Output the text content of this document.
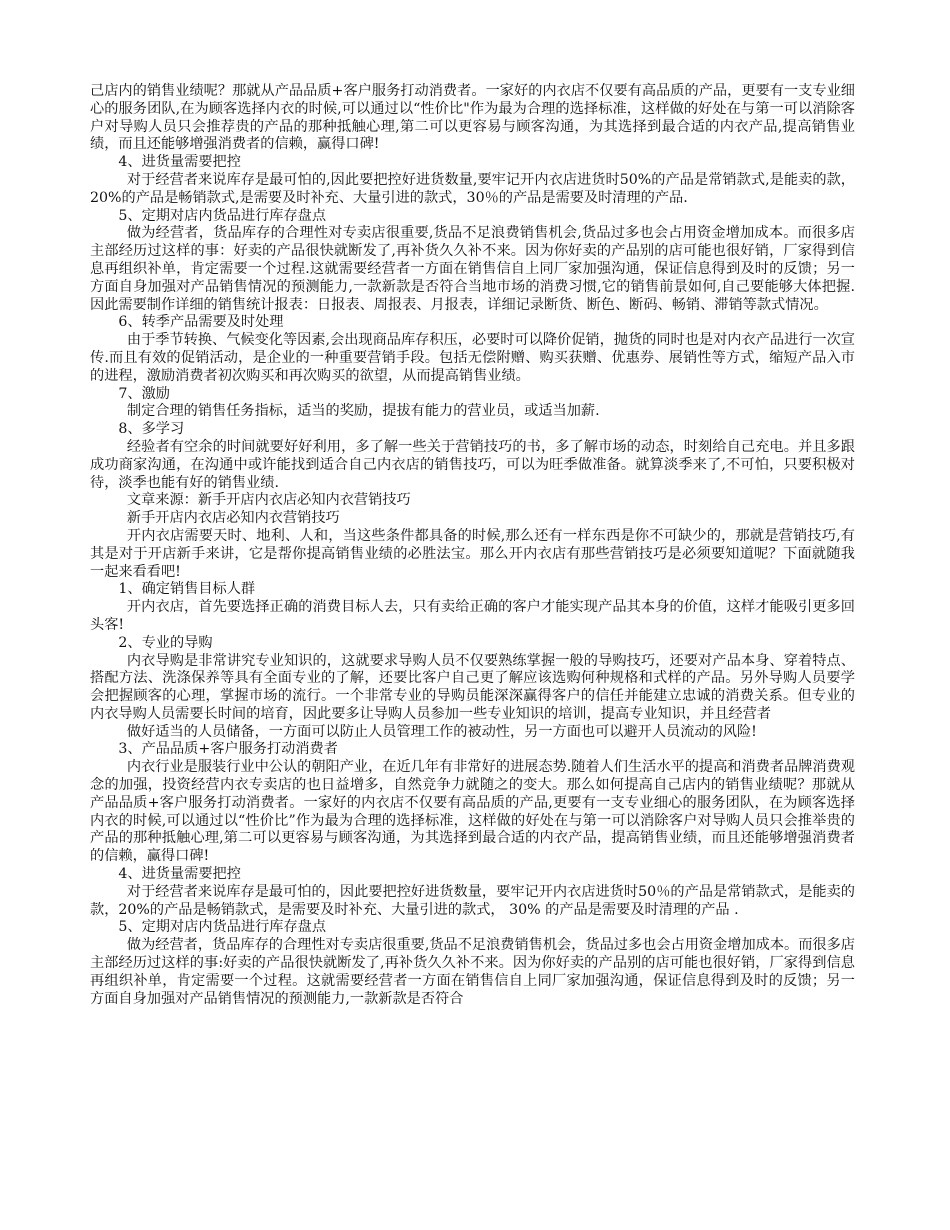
己店内的销售业绩呢？那就从产品品质+客户服务打动消费者。一家好的内衣店不仅要有高品质的产品，更要有一支专业细心的服务团队,在为顾客选择内衣的时候,可以通过以“性价比"作为最为合理的选择标准，这样做的好处在与第一可以消除客户对导购人员只会推荐贵的产品的那种抵触心理,第二可以更容易与顾客沟通，为其选择到最合适的内衣产品,提高销售业绩，而且还能够增强消费者的信赖，赢得口碑!
4、进货量需要把控
对于经营者来说库存是最可怕的,因此要把控好进货数量,要牢记开内衣店进货时50%的产品是常销款式,是能卖的款，20%的产品是畅销款式,是需要及时补充、大量引进的款式，30％的产品是需要及时清理的产品.
5、定期对店内货品进行库存盘点
做为经营者，货品库存的合理性对专卖店很重要,货品不足浪费销售机会,货品过多也会占用资金增加成本。而很多店主部经历过这样的事：好卖的产品很快就断发了,再补货久久补不来。因为你好卖的产品别的店可能也很好销，厂家得到信息再组织补单，肯定需要一个过程.这就需要经营者一方面在销售信自上同厂家加强沟通，保证信息得到及时的反馈；另一方面自身加强对产品销售情况的预测能力,一款新款是否符合当地市场的消费习惯,它的销售前景如何,自己要能够大体把握.因此需要制作详细的销售统计报表：日报表、周报表、月报表，详细记录断货、断色、断码、畅销、滞销等款式情况。
6、转季产品需要及时处理
由于季节转换、气候变化等因素,会出现商品库存积压，必要时可以降价促销，抛货的同时也是对内衣产品进行一次宣传.而且有效的促销活动，是企业的一种重要营销手段。包括无偿附赠、购买获赠、优惠券、展销性等方式，缩短产品入市的进程，激励消费者初次购买和再次购买的欲望，从而提高销售业绩。
7、激励
制定合理的销售任务指标，适当的奖励，提拔有能力的营业员，或适当加薪.
8、多学习
经验者有空余的时间就要好好利用，多了解一些关于营销技巧的书，多了解市场的动态，时刻给自己充电。并且多跟成功商家沟通，在沟通中或许能找到适合自己内衣店的销售技巧，可以为旺季做准备。就算淡季来了,不可怕，只要积极对待，淡季也能有好的销售业绩.
文章来源：新手开店内衣店必知内衣营销技巧
新手开店内衣店必知内衣营销技巧
开内衣店需要天时、地利、人和，当这些条件都具备的时候,那么还有一样东西是你不可缺少的，那就是营销技巧,有其是对于开店新手来讲，它是帮你提高销售业绩的必胜法宝。那么开内衣店有那些营销技巧是必须要知道呢？下面就随我一起来看看吧!
1、确定销售目标人群
开内衣店，首先要选择正确的消费目标人去，只有卖给正确的客户才能实现产品其本身的价值，这样才能吸引更多回头客!
2、专业的导购
内衣导购是非常讲究专业知识的，这就要求导购人员不仅要熟练掌握一般的导购技巧，还要对产品本身、穿着特点、搭配方法、洗涤保养等具有全面专业的了解，还要比客户自己更了解应该选购何种规格和式样的产品。另外导购人员要学会把握顾客的心理，掌握市场的流行。一个非常专业的导购员能深深赢得客户的信任并能建立忠诚的消费关系。但专业的内衣导购人员需要长时间的培育，因此要多让导购人员参加一些专业知识的培训，提高专业知识，并且经营者
做好适当的人员储备，一方面可以防止人员管理工作的被动性，另一方面也可以避开人员流动的风险!
3、产品品质+客户服务打动消费者
内衣行业是服装行业中公认的朝阳产业，在近几年有非常好的进展态势.随着人们生活水平的提高和消费者品牌消费观念的加强，投资经营内衣专卖店的也日益增多，自然竞争力就随之的变大。那么如何提高自己店内的销售业绩呢？那就从产品品质+客户服务打动消费者。一家好的内衣店不仅要有高品质的产品,更要有一支专业细心的服务团队，在为顾客选择内衣的时候,可以通过以“性价比”作为最为合理的选择标准，这样做的好处在与第一可以消除客户对导购人员只会推举贵的产品的那种抵触心理,第二可以更容易与顾客沟通，为其选择到最合适的内衣产品，提高销售业绩，而且还能够增强消费者的信赖，赢得口碑!
4、进货量需要把控
对于经营者来说库存是最可怕的，因此要把控好进货数量，要牢记开内衣店进货时50％的产品是常销款式，是能卖的款，20%的产品是畅销款式，是需要及时补充、大量引进的款式， 30% 的产品是需要及时清理的产品 .
5、定期对店内货品进行库存盘点
做为经营者，货品库存的合理性对专卖店很重要,货品不足浪费销售机会，货品过多也会占用资金增加成本。而很多店主部经历过这样的事:好卖的产品很快就断发了,再补货久久补不来。因为你好卖的产品别的店可能也很好销，厂家得到信息再组织补单，肯定需要一个过程。这就需要经营者一方面在销售信自上同厂家加强沟通，保证信息得到及时的反馈；另一方面自身加强对产品销售情况的预测能力,一款新款是否符合
